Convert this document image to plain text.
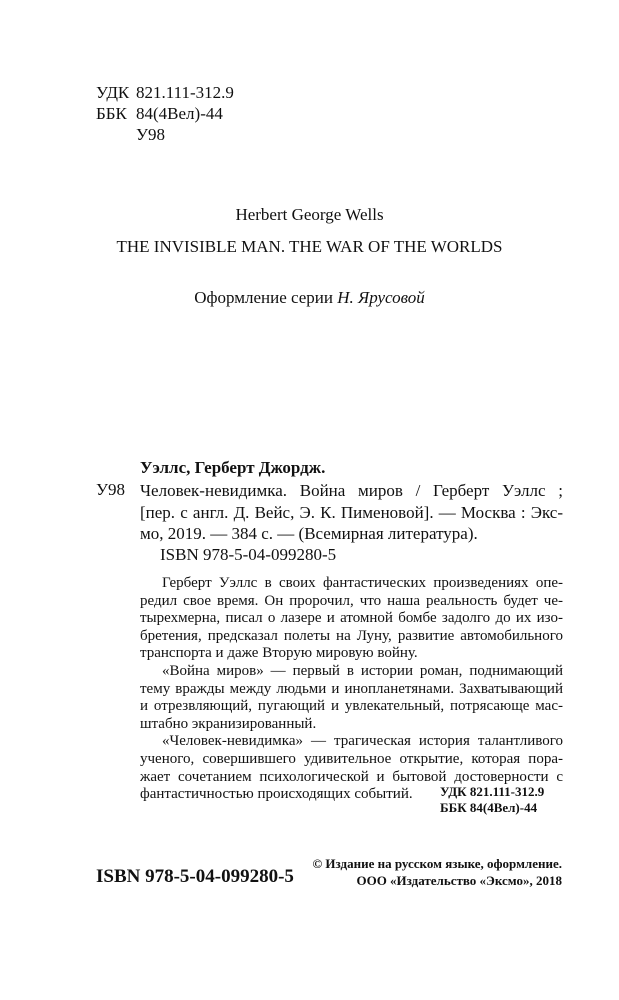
УДК 821.111-312.9
ББК 84(4Вел)-44
У98
Herbert George Wells
THE INVISIBLE MAN. THE WAR OF THE WORLDS
Оформление серии Н. Ярусовой
Уэллс, Герберт Джордж.
У98 Человек-невидимка. Война миров / Герберт Уэллс ;
[пер. с англ. Д. Вейс, Э. К. Пименовой]. — Москва : Экс-
мо, 2019. — 384 с. — (Всемирная литература).
ISBN 978-5-04-099280-5
Герберт Уэллс в своих фантастических произведениях опе-
редил свое время. Он пророчил, что наша реальность будет че-
тырехмерна, писал о лазере и атомной бомбе задолго до их изо-
бретения, предсказал полеты на Луну, развитие автомобильного
транспорта и даже Вторую мировую войну.
«Война миров» — первый в истории роман, поднимающий
тему вражды между людьми и инопланетянами. Захватывающий
и отрезвляющий, пугающий и увлекательный, потрясающе мас-
штабно экранизированный.
«Человек-невидимка» — трагическая история талантливого
ученого, совершившего удивительное открытие, которая пора-
жает сочетанием психологической и бытовой достоверности с
фантастичностью происходящих событий.	УДК 821.111-312.9
ББК 84(4Вел)-44
ISBN 978-5-04-099280-5
© Издание на русском языке, оформление.
ООО «Издательство «Эксмо», 2018
